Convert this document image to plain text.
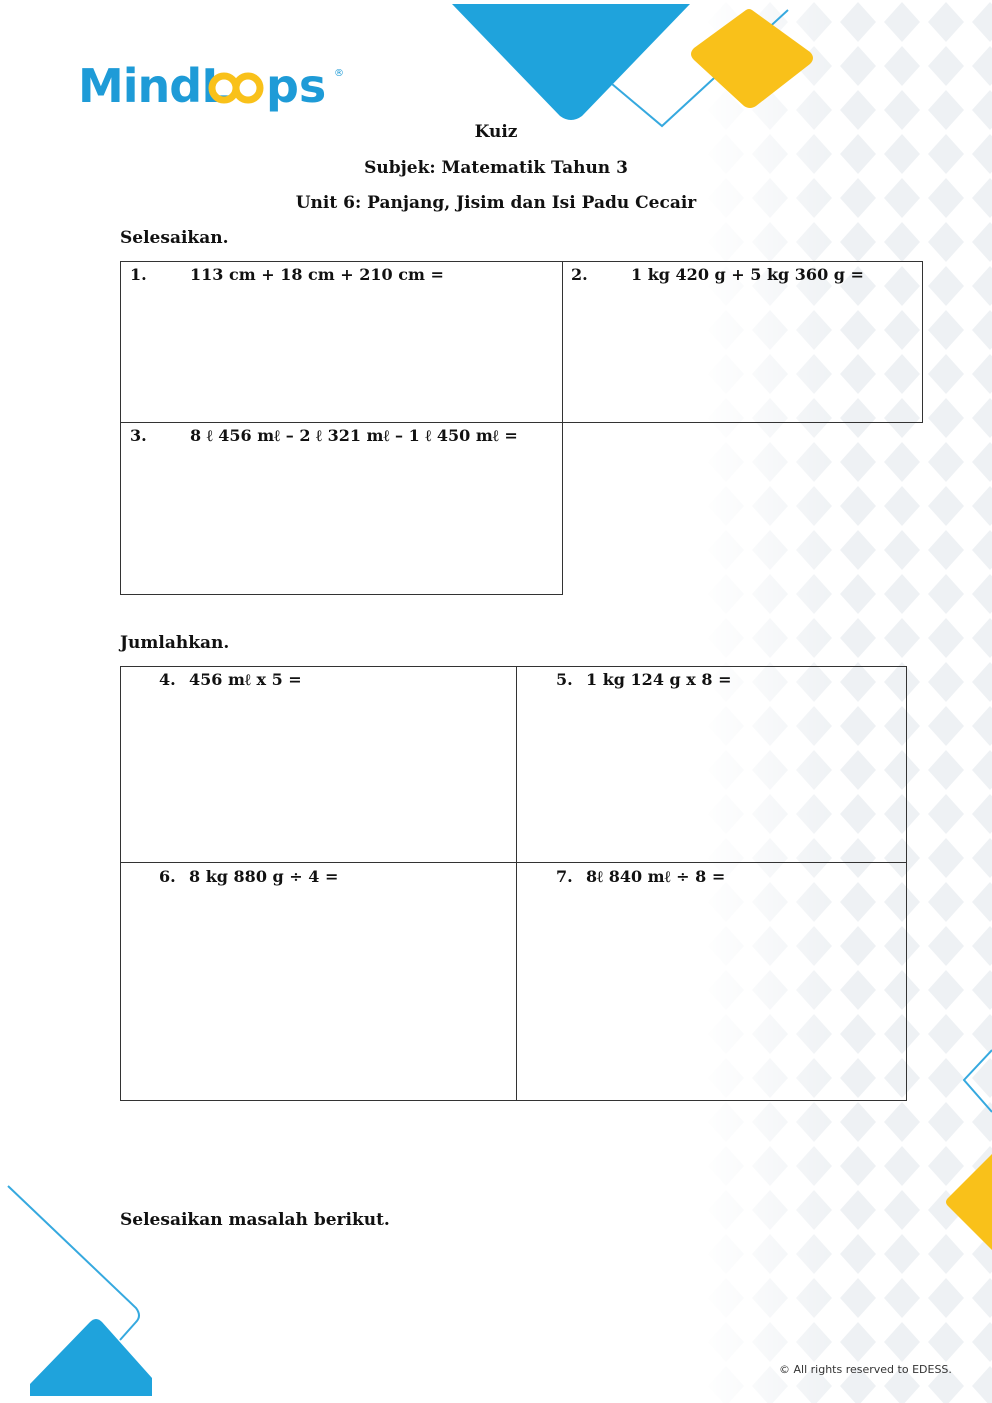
MindL ps ®
Kuiz
Subjek: Matematik Tahun 3
Unit 6: Panjang, Jisim dan Isi Padu Cecair
Selesaikan.
1.	113 cm + 18 cm + 210 cm =	2.	1 kg 420 g + 5 kg 360 g =
3.	8 ℓ 456 mℓ – 2 ℓ 321 mℓ – 1 ℓ 450 mℓ =
Jumlahkan.
4. 456 mℓ x 5 =	5. 1 kg 124 g x 8 =
6. 8 kg 880 g ÷ 4 =	7. 8ℓ 840 mℓ ÷ 8 =
Selesaikan masalah berikut.
© All rights reserved to EDESS.
